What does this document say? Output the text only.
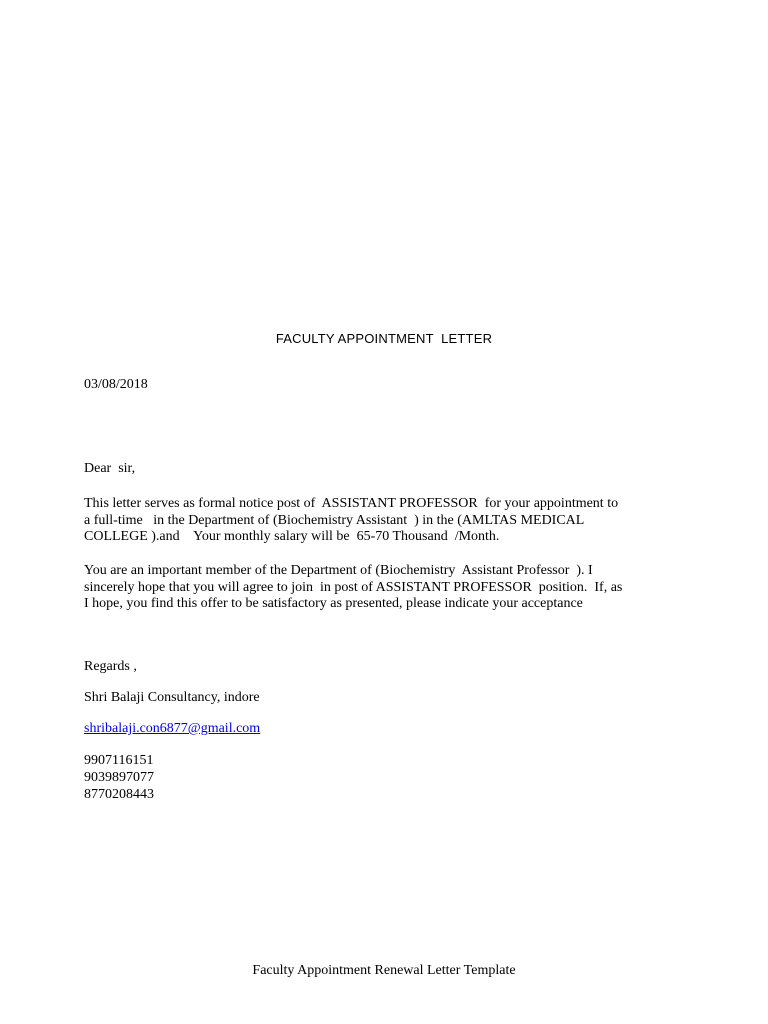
FACULTY APPOINTMENT  LETTER
03/08/2018
Dear  sir,
This letter serves as formal notice post of  ASSISTANT PROFESSOR  for your appointment to
a full-time   in the Department of (Biochemistry Assistant  ) in the (AMLTAS MEDICAL
COLLEGE ).and    Your monthly salary will be  65-70 Thousand  /Month.
You are an important member of the Department of (Biochemistry  Assistant Professor  ). I
sincerely hope that you will agree to join  in post of ASSISTANT PROFESSOR  position.  If, as
I hope, you find this offer to be satisfactory as presented, please indicate your acceptance
Regards ,
Shri Balaji Consultancy, indore
shribalaji.con6877@gmail.com
9907116151
9039897077
8770208443
Faculty Appointment Renewal Letter Template
